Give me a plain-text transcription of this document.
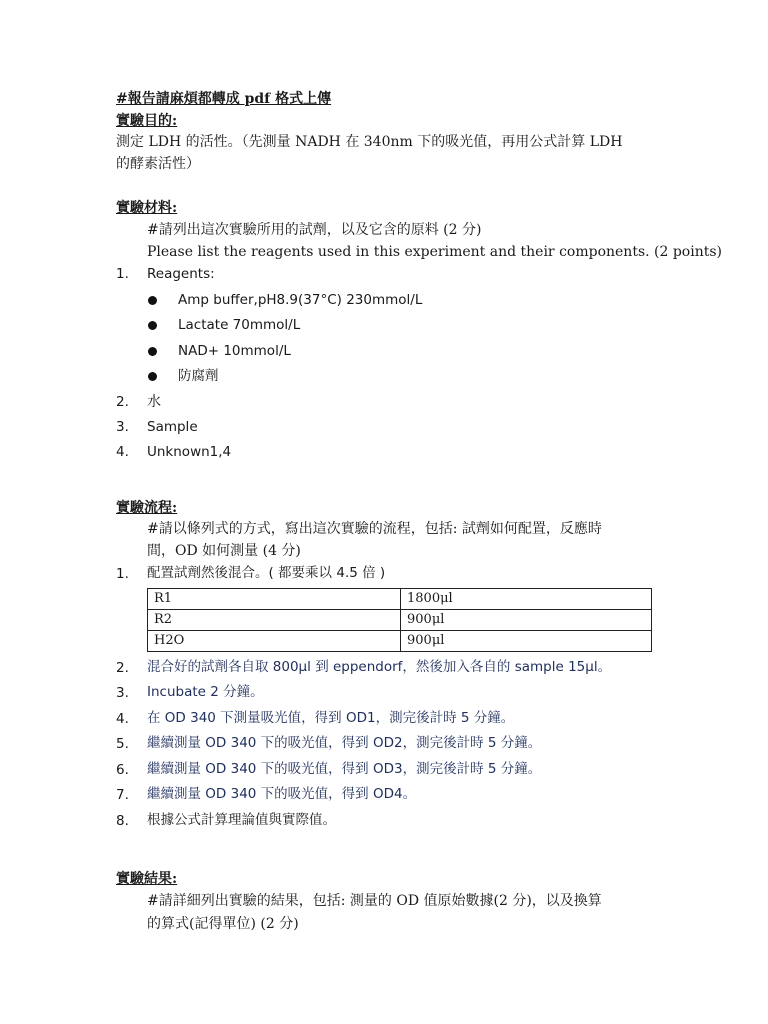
#報告請麻煩都轉成 pdf 格式上傳
實驗目的:
測定 LDH 的活性。（先測量 NADH 在 340nm 下的吸光值，再用公式計算 LDH
的酵素活性）
實驗材料:
#請列出這次實驗所用的試劑，以及它含的原料 (2 分)
Please list the reagents used in this experiment and their components. (2 points)
1. Reagents:
Amp buffer,pH8.9(37°C) 230mmol/L
Lactate 70mmol/L
NAD+ 10mmol/L
防腐劑
2. 水
3. Sample
4. Unknown1,4
實驗流程:
#請以條列式的方式，寫出這次實驗的流程，包括: 試劑如何配置，反應時
間，OD 如何測量 (4 分)
1. 配置試劑然後混合。( 都要乘以 4.5 倍 )
R1	1800μl
R2	900μl
H2O	900μl
2. 混合好的試劑各自取 800μl 到 eppendorf，然後加入各自的 sample 15μl。
3. Incubate 2 分鐘。
4. 在 OD 340 下測量吸光值，得到 OD1，測完後計時 5 分鐘。
5. 繼續測量 OD 340 下的吸光值，得到 OD2，測完後計時 5 分鐘。
6. 繼續測量 OD 340 下的吸光值，得到 OD3，測完後計時 5 分鐘。
7. 繼續測量 OD 340 下的吸光值，得到 OD4。
8. 根據公式計算理論值與實際值。
實驗結果:
#請詳細列出實驗的結果，包括: 測量的 OD 值原始數據(2 分)，以及換算
的算式(記得單位) (2 分)
